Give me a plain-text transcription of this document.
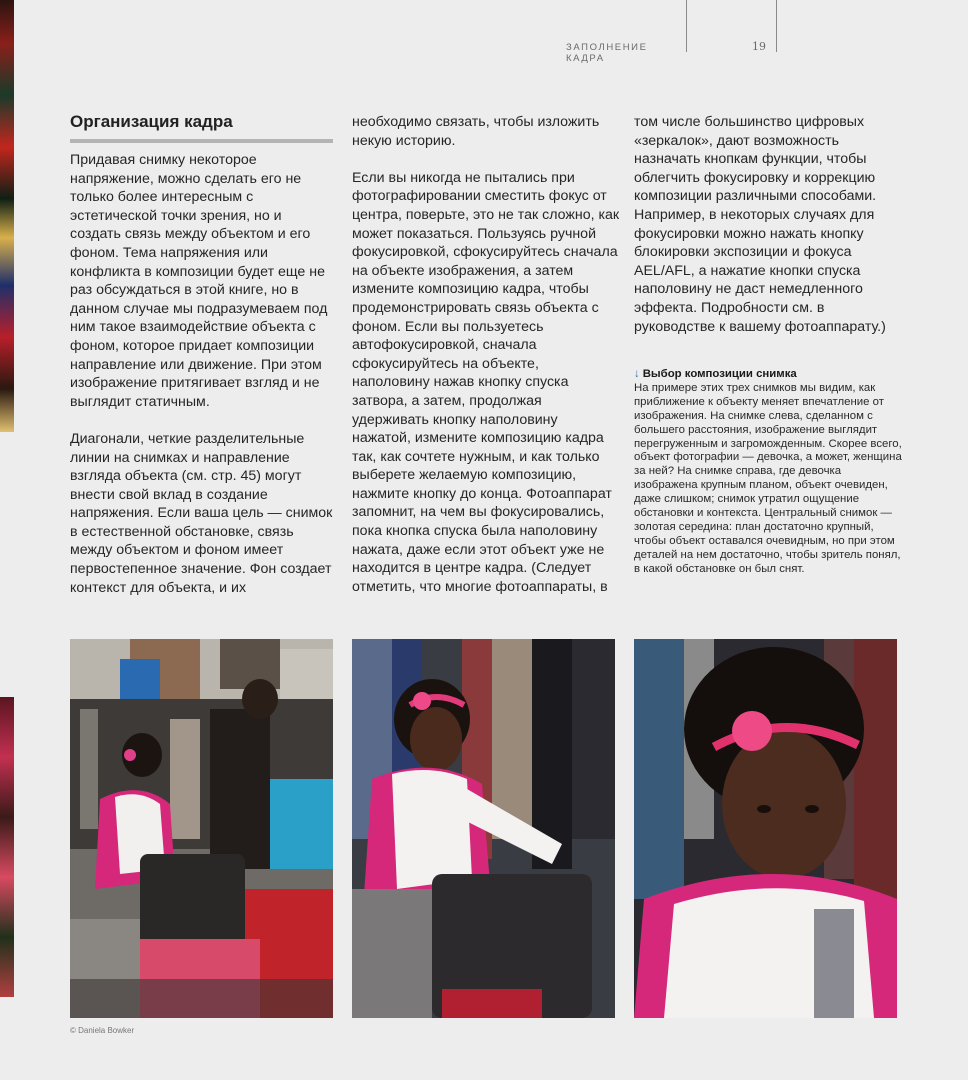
ЗАПОЛНЕНИЕ КАДРА
19
Организация кадра

Придавая снимку некоторое напряжение, можно сделать его не только более интересным с эстетической точки зрения, но и создать связь между объектом и его фоном. Тема напряжения или конфликта в композиции будет еще не раз обсуждаться в этой книге, но в данном случае мы подразумеваем под ним такое взаимодействие объекта с фоном, которое придает композиции направление или движение. При этом изображение притягивает взгляд и не выглядит статичным.

Диагонали, четкие разделительные линии на снимках и направление взгляда объекта (см. стр. 45) могут внести свой вклад в создание напряжения. Если ваша цель — снимок в естественной обстановке, связь между объектом и фоном имеет первостепенное значение. Фон создает контекст для объекта, и их

необходимо связать, чтобы изложить некую историю.

Если вы никогда не пытались при фотографировании сместить фокус от центра, поверьте, это не так сложно, как может показаться. Пользуясь ручной фокусировкой, сфокусируйтесь сначала на объекте изображения, а затем измените композицию кадра, чтобы продемонстрировать связь объекта с фоном. Если вы пользуетесь автофокусировкой, сначала сфокусируйтесь на объекте, наполовину нажав кнопку спуска затвора, а затем, продолжая удерживать кнопку наполовину нажатой, измените композицию кадра так, как сочтете нужным, и как только выберете желаемую композицию, нажмите кнопку до конца. Фотоаппарат запомнит, на чем вы фокусировались, пока кнопка спуска была наполовину нажата, даже если этот объект уже не находится в центре кадра. (Следует отметить, что многие фотоаппараты, в

том числе большинство цифровых «зеркалок», дают возможность назначать кнопкам функции, чтобы облегчить фокусировку и коррекцию композиции различными способами. Например, в некоторых случаях для фокусировки можно нажать кнопку блокировки экспозиции и фокуса AEL/AFL, а нажатие кнопки спуска наполовину не даст немедленного эффекта. Подробности см. в руководстве к вашему фотоаппарату.)

↓ Выбор композиции снимка
На примере этих трех снимков мы видим, как приближение к объекту меняет впечатление от изображения. На снимке слева, сделанном с большего расстояния, изображение выглядит перегруженным и загроможденным. Скорее всего, объект фотографии — девочка, а может, женщина за ней? На снимке справа, где девочка изображена крупным планом, объект очевиден, даже слишком; снимок утратил ощущение обстановки и контекста. Центральный снимок — золотая середина: план достаточно крупный, чтобы объект оставался очевидным, но при этом деталей на нем достаточно, чтобы зритель понял, в какой обстановке он был снят.
© Daniela Bowker
